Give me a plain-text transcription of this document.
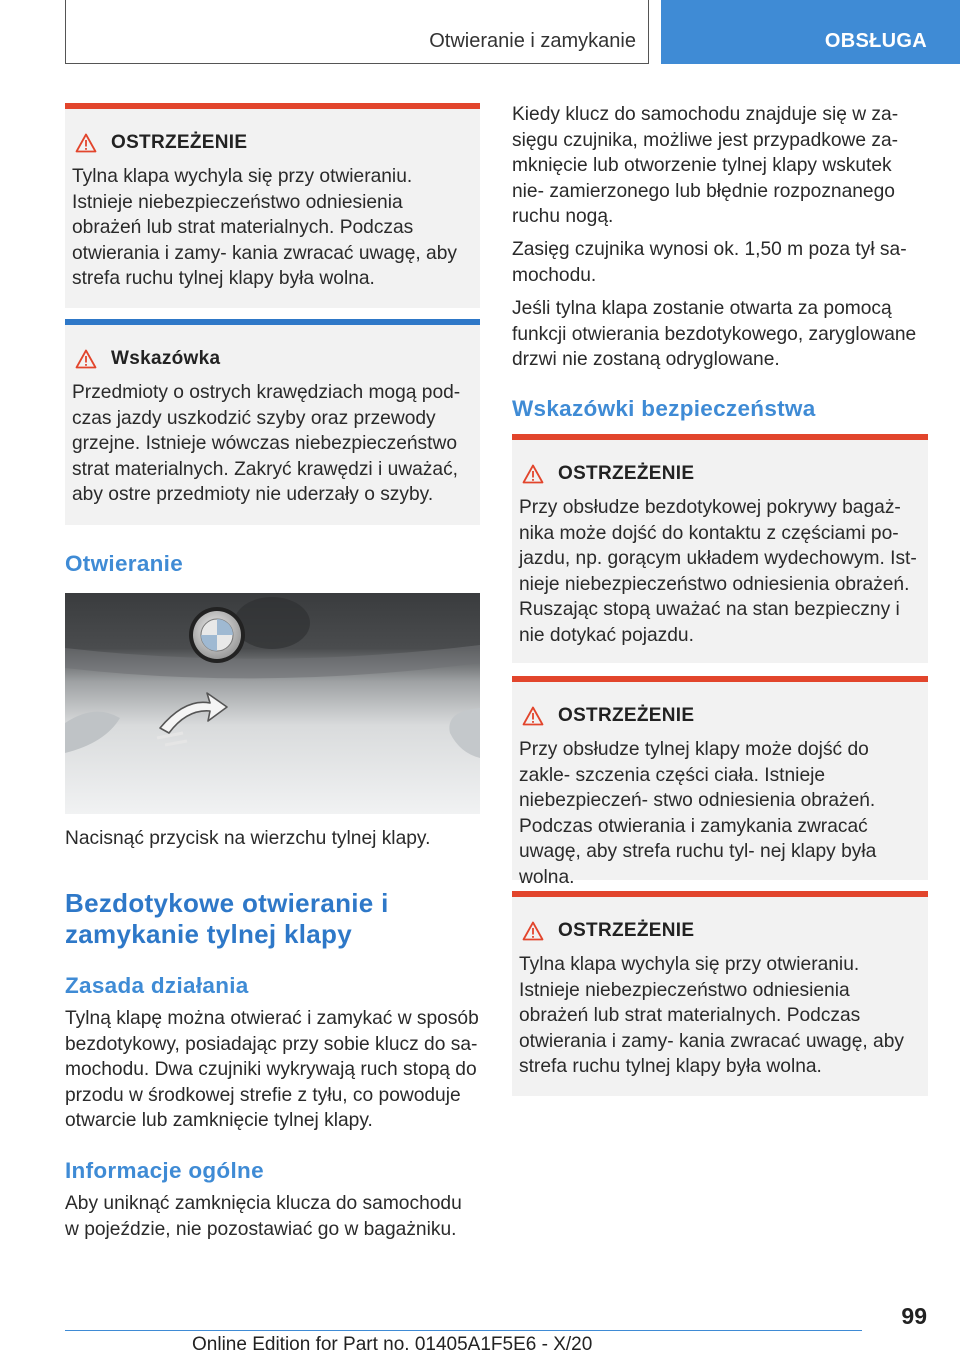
Otwieranie i zamykanie	OBSŁUGA
OSTRZEŻENIE
Tylna klapa wychyla się przy otwieraniu. Istnieje niebezpieczeństwo odniesienia obrażeń lub strat materialnych. Podczas otwierania i zamy‐ kania zwracać uwagę, aby strefa ruchu tylnej klapy była wolna.
Wskazówka
Przedmioty o ostrych krawędziach mogą pod‐ czas jazdy uszkodzić szyby oraz przewody grzejne. Istnieje wówczas niebezpieczeństwo strat materialnych. Zakryć krawędzi i uważać, aby ostre przedmioty nie uderzały o szyby.
Otwieranie
Nacisnąć przycisk na wierzchu tylnej klapy.
Bezdotykowe otwieranie i zamykanie tylnej klapy
Zasada działania
Tylną klapę można otwierać i zamykać w sposób bezdotykowy, posiadając przy sobie klucz do sa‐ mochodu. Dwa czujniki wykrywają ruch stopą do przodu w środkowej strefie z tyłu, co powoduje otwarcie lub zamknięcie tylnej klapy.
Informacje ogólne
Aby uniknąć zamknięcia klucza do samochodu w pojeździe, nie pozostawiać go w bagażniku.
Kiedy klucz do samochodu znajduje się w za‐ sięgu czujnika, możliwe jest przypadkowe za‐ mknięcie lub otworzenie tylnej klapy wskutek nie‐ zamierzonego lub błędnie rozpoznanego ruchu nogą.
Zasięg czujnika wynosi ok. 1,50 m poza tył sa‐ mochodu.
Jeśli tylna klapa zostanie otwarta za pomocą funkcji otwierania bezdotykowego, zaryglowane drzwi nie zostaną odryglowane.
Wskazówki bezpieczeństwa
OSTRZEŻENIE
Przy obsłudze bezdotykowej pokrywy bagaż‐ nika może dojść do kontaktu z częściami po‐ jazdu, np. gorącym układem wydechowym. Ist‐ nieje niebezpieczeństwo odniesienia obrażeń. Ruszając stopą uważać na stan bezpieczny i nie dotykać pojazdu.
OSTRZEŻENIE
Przy obsłudze tylnej klapy może dojść do zakle‐ szczenia części ciała. Istnieje niebezpieczeń‐ stwo odniesienia obrażeń. Podczas otwierania i zamykania zwracać uwagę, aby strefa ruchu tyl‐ nej klapy była wolna.
OSTRZEŻENIE
Tylna klapa wychyla się przy otwieraniu. Istnieje niebezpieczeństwo odniesienia obrażeń lub strat materialnych. Podczas otwierania i zamy‐ kania zwracać uwagę, aby strefa ruchu tylnej klapy była wolna.
99
Online Edition for Part no. 01405A1F5E6 - X/20
